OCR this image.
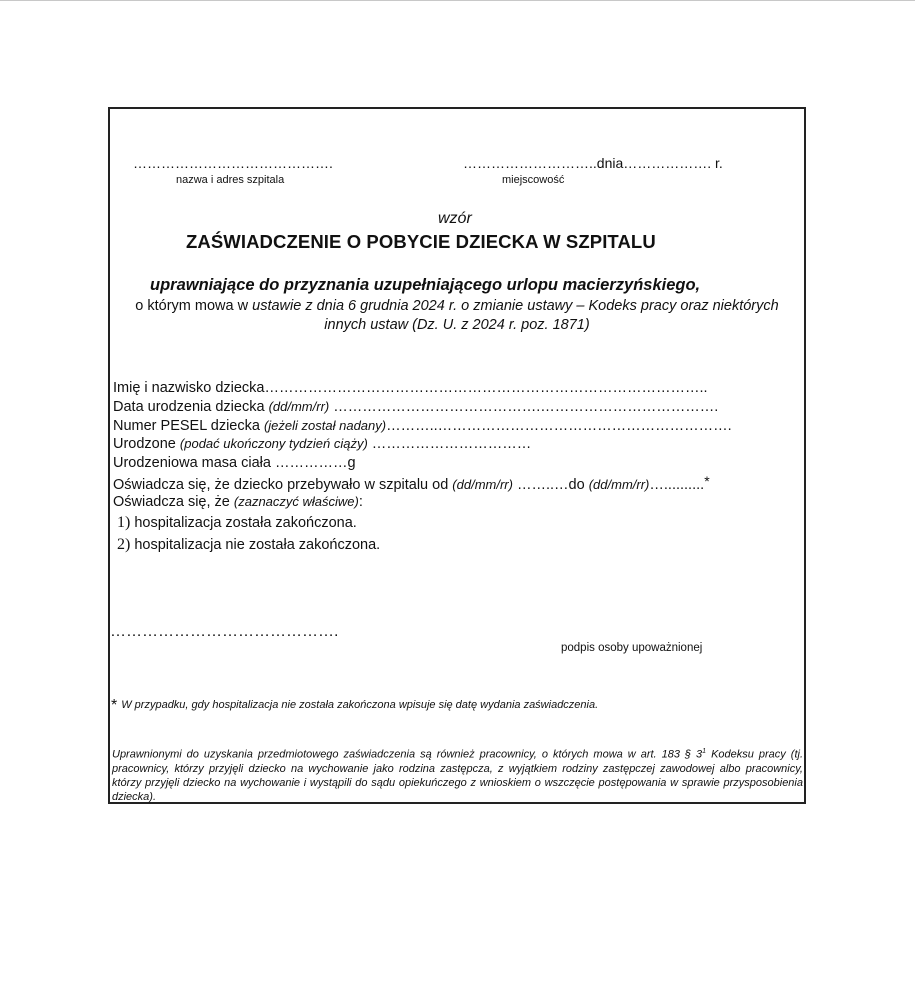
…………………………………….
nazwa i adres szpitala
………………………..dnia………………. r.
miejscowość
wzór
ZAŚWIADCZENIE O POBYCIE DZIECKA W SZPITALU
uprawniające do przyznania uzupełniającego urlopu macierzyńskiego,
o którym mowa w ustawie z dnia 6 grudnia 2024 r. o zmianie ustawy – Kodeks pracy oraz niektórych
innych ustaw (Dz. U. z 2024 r. poz. 1871)
Imię i nazwisko dziecka………………………………………………………………………………..
Data urodzenia dziecka (dd/mm/rr) …………………………………….……………………………….
Numer PESEL dziecka (jeżeli został nadany)………..…………………………………………………….
Urodzone (podać ukończony tydzień ciąży) ……………………………
Urodzeniowa masa ciała ……………g
Oświadcza się, że dziecko przebywało w szpitalu od (dd/mm/rr) ……..…do (dd/mm/rr)…..........*
Oświadcza się, że (zaznaczyć właściwe):
1) hospitalizacja została zakończona.
2) hospitalizacja nie została zakończona.
…………………………………….
podpis osoby upoważnionej
* W przypadku, gdy hospitalizacja nie została zakończona wpisuje się datę wydania zaświadczenia.
Uprawnionymi do uzyskania przedmiotowego zaświadczenia są również pracownicy, o których mowa w art. 183 § $3^1$ Kodeksu pracy (tj. pracownicy, którzy przyjęli dziecko na wychowanie jako rodzina zastępcza, z wyjątkiem rodziny zastępczej zawodowej albo pracownicy, którzy przyjęli dziecko na wychowanie i wystąpili do sądu opiekuńczego z wnioskiem o wszczęcie postępowania w sprawie przysposobienia dziecka).
